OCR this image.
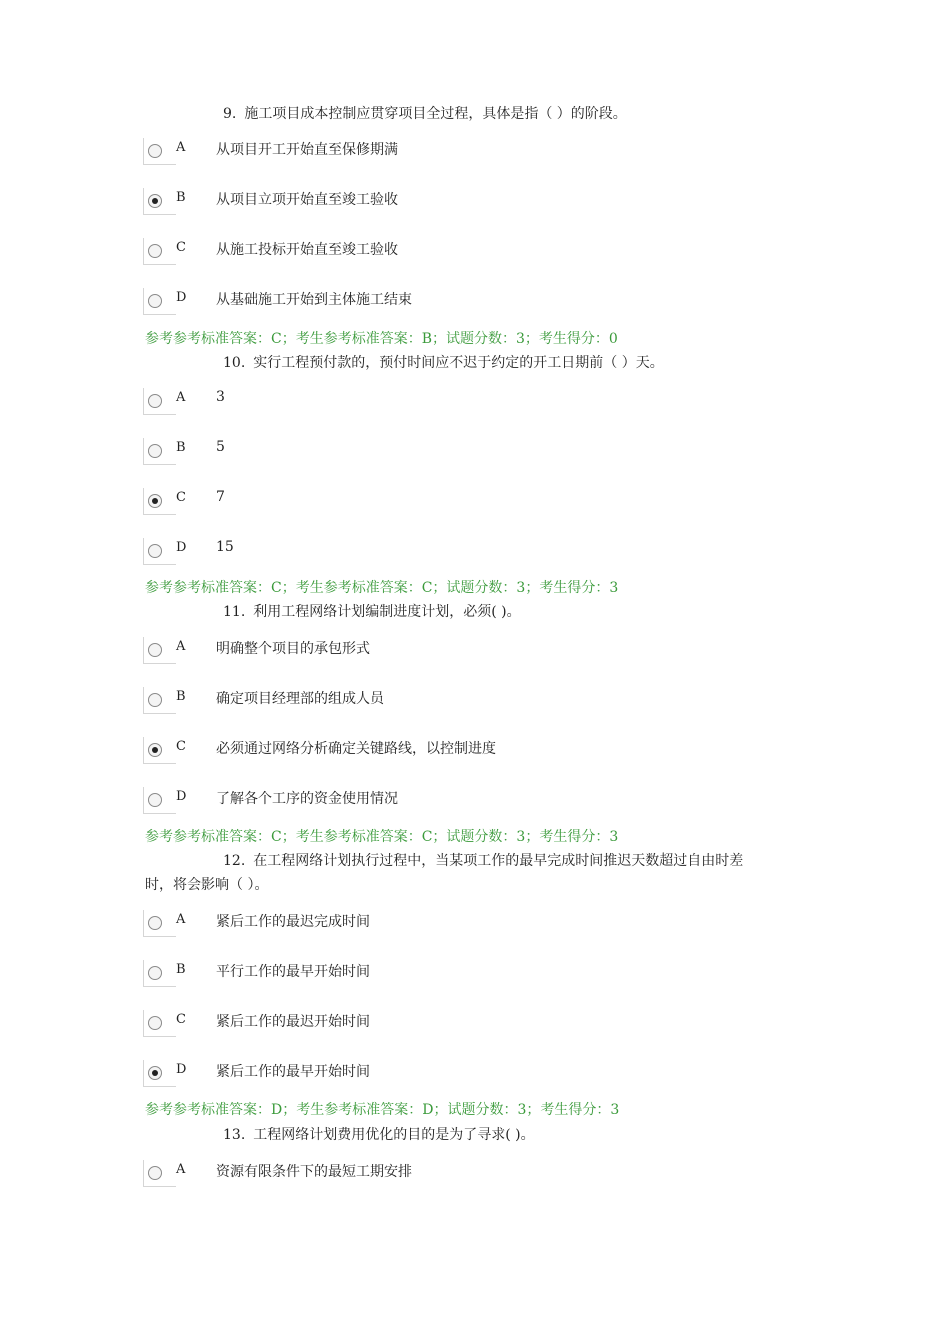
9. 施工项目成本控制应贯穿项目全过程，具体是指（ ）的阶段。
A 从项目开工开始直至保修期满
B 从项目立项开始直至竣工验收
C 从施工投标开始直至竣工验收
D 从基础施工开始到主体施工结束
参考参考标准答案：C；考生参考标准答案：B；试题分数：3；考生得分：0
10. 实行工程预付款的，预付时间应不迟于约定的开工日期前（ ）天。
A 3
B 5
C 7
D 15
参考参考标准答案：C；考生参考标准答案：C；试题分数：3；考生得分：3
11. 利用工程网络计划编制进度计划，必须( )。
A 明确整个项目的承包形式
B 确定项目经理部的组成人员
C 必须通过网络分析确定关键路线，以控制进度
D 了解各个工序的资金使用情况
参考参考标准答案：C；考生参考标准答案：C；试题分数：3；考生得分：3
12. 在工程网络计划执行过程中，当某项工作的最早完成时间推迟天数超过自由时差
时，将会影响（ ）。
A 紧后工作的最迟完成时间
B 平行工作的最早开始时间
C 紧后工作的最迟开始时间
D 紧后工作的最早开始时间
参考参考标准答案：D；考生参考标准答案：D；试题分数：3；考生得分：3
13. 工程网络计划费用优化的目的是为了寻求( )。
A 资源有限条件下的最短工期安排
